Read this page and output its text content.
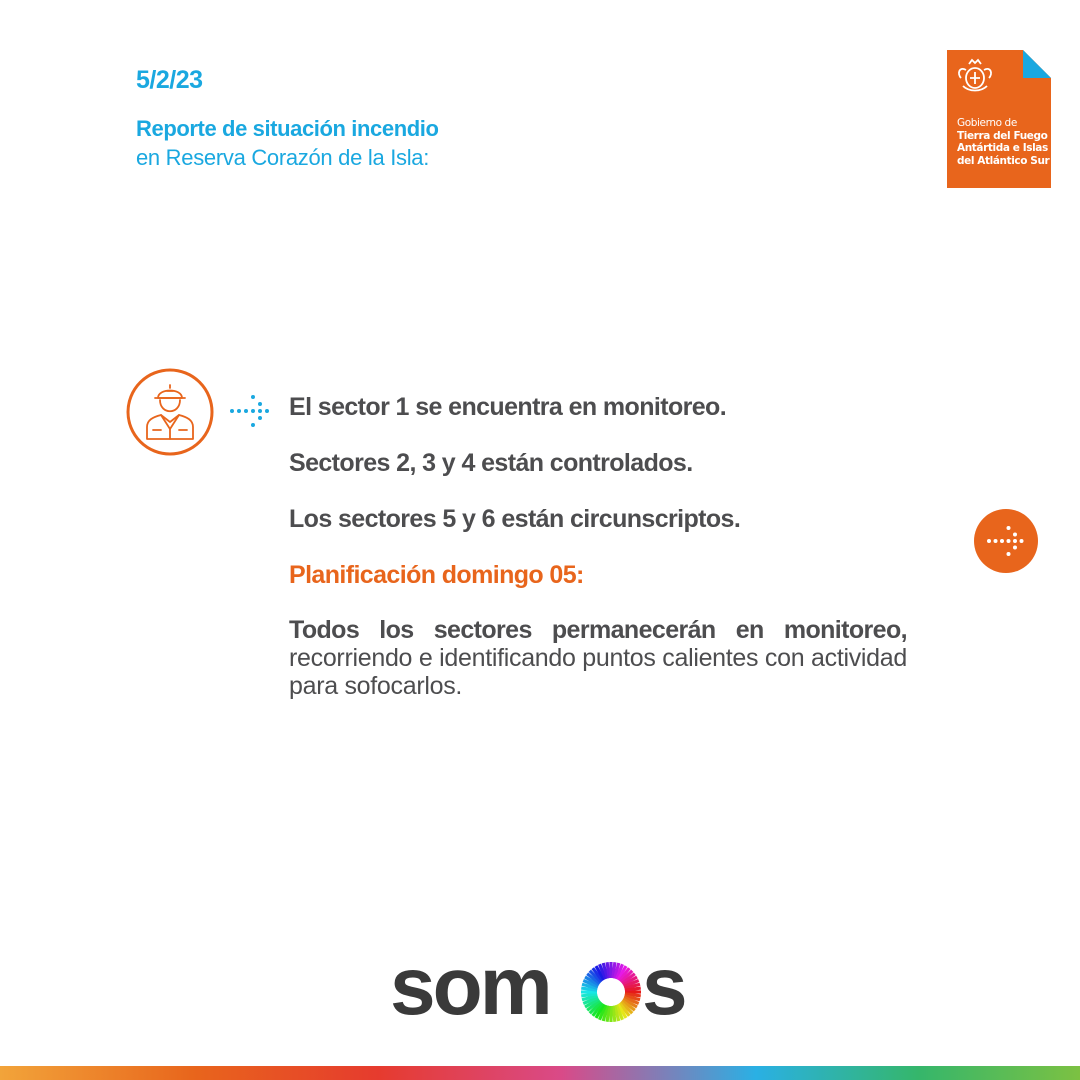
5/2/23
Reporte de situación incendio
en Reserva Corazón de la Isla:
Gobierno de
Tierra del Fuego
Antártida e Islas
del Atlántico Sur
El sector 1 se encuentra en monitoreo.
Sectores 2, 3 y 4 están controlados.
Los sectores 5 y 6 están circunscriptos.
Planificación domingo 05:

Todos los sectores permanecerán en monitoreo, recorriendo e identificando puntos calientes con actividad para sofocarlos.

som s
